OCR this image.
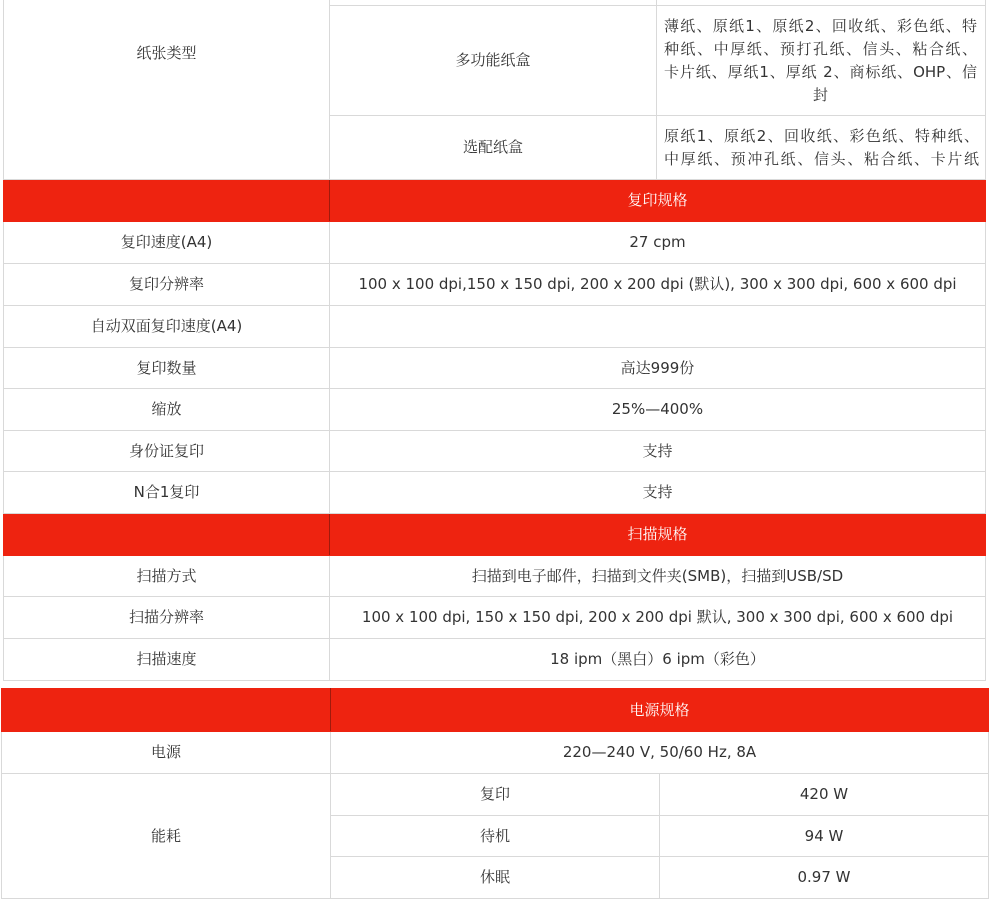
纸张类型	多功能纸盒	薄纸、原纸1、原纸2、回收纸、彩色纸、特
种纸、中厚纸、预打孔纸、信头、粘合纸、
卡片纸、厚纸1、厚纸 2、商标纸、OHP、信
封

	选配纸盒	原纸1、原纸2、回收纸、彩色纸、特种纸、
中厚纸、预冲孔纸、信头、粘合纸、卡片纸

	复印规格	
复印速度(A4)	27 cpm	
复印分辨率	100 x 100 dpi,150 x 150 dpi, 200 x 200 dpi (默认), 300 x 300 dpi, 600 x 600 dpi	
自动双面复印速度(A4)		
复印数量	高达999份	
缩放	25%—400%	
身份证复印	支持	
N合1复印	支持	
	扫描规格	
扫描方式	扫描到电子邮件，扫描到文件夹(SMB)，扫描到USB/SD	
扫描分辨率	100 x 100 dpi, 150 x 150 dpi, 200 x 200 dpi 默认, 300 x 300 dpi, 600 x 600 dpi	
扫描速度	18 ipm（黑白）6 ipm（彩色）	
	电源规格	
电源	220—240 V, 50/60 Hz, 8A	
能耗	复印	420 W
	待机	94 W
	休眠	0.97 W
